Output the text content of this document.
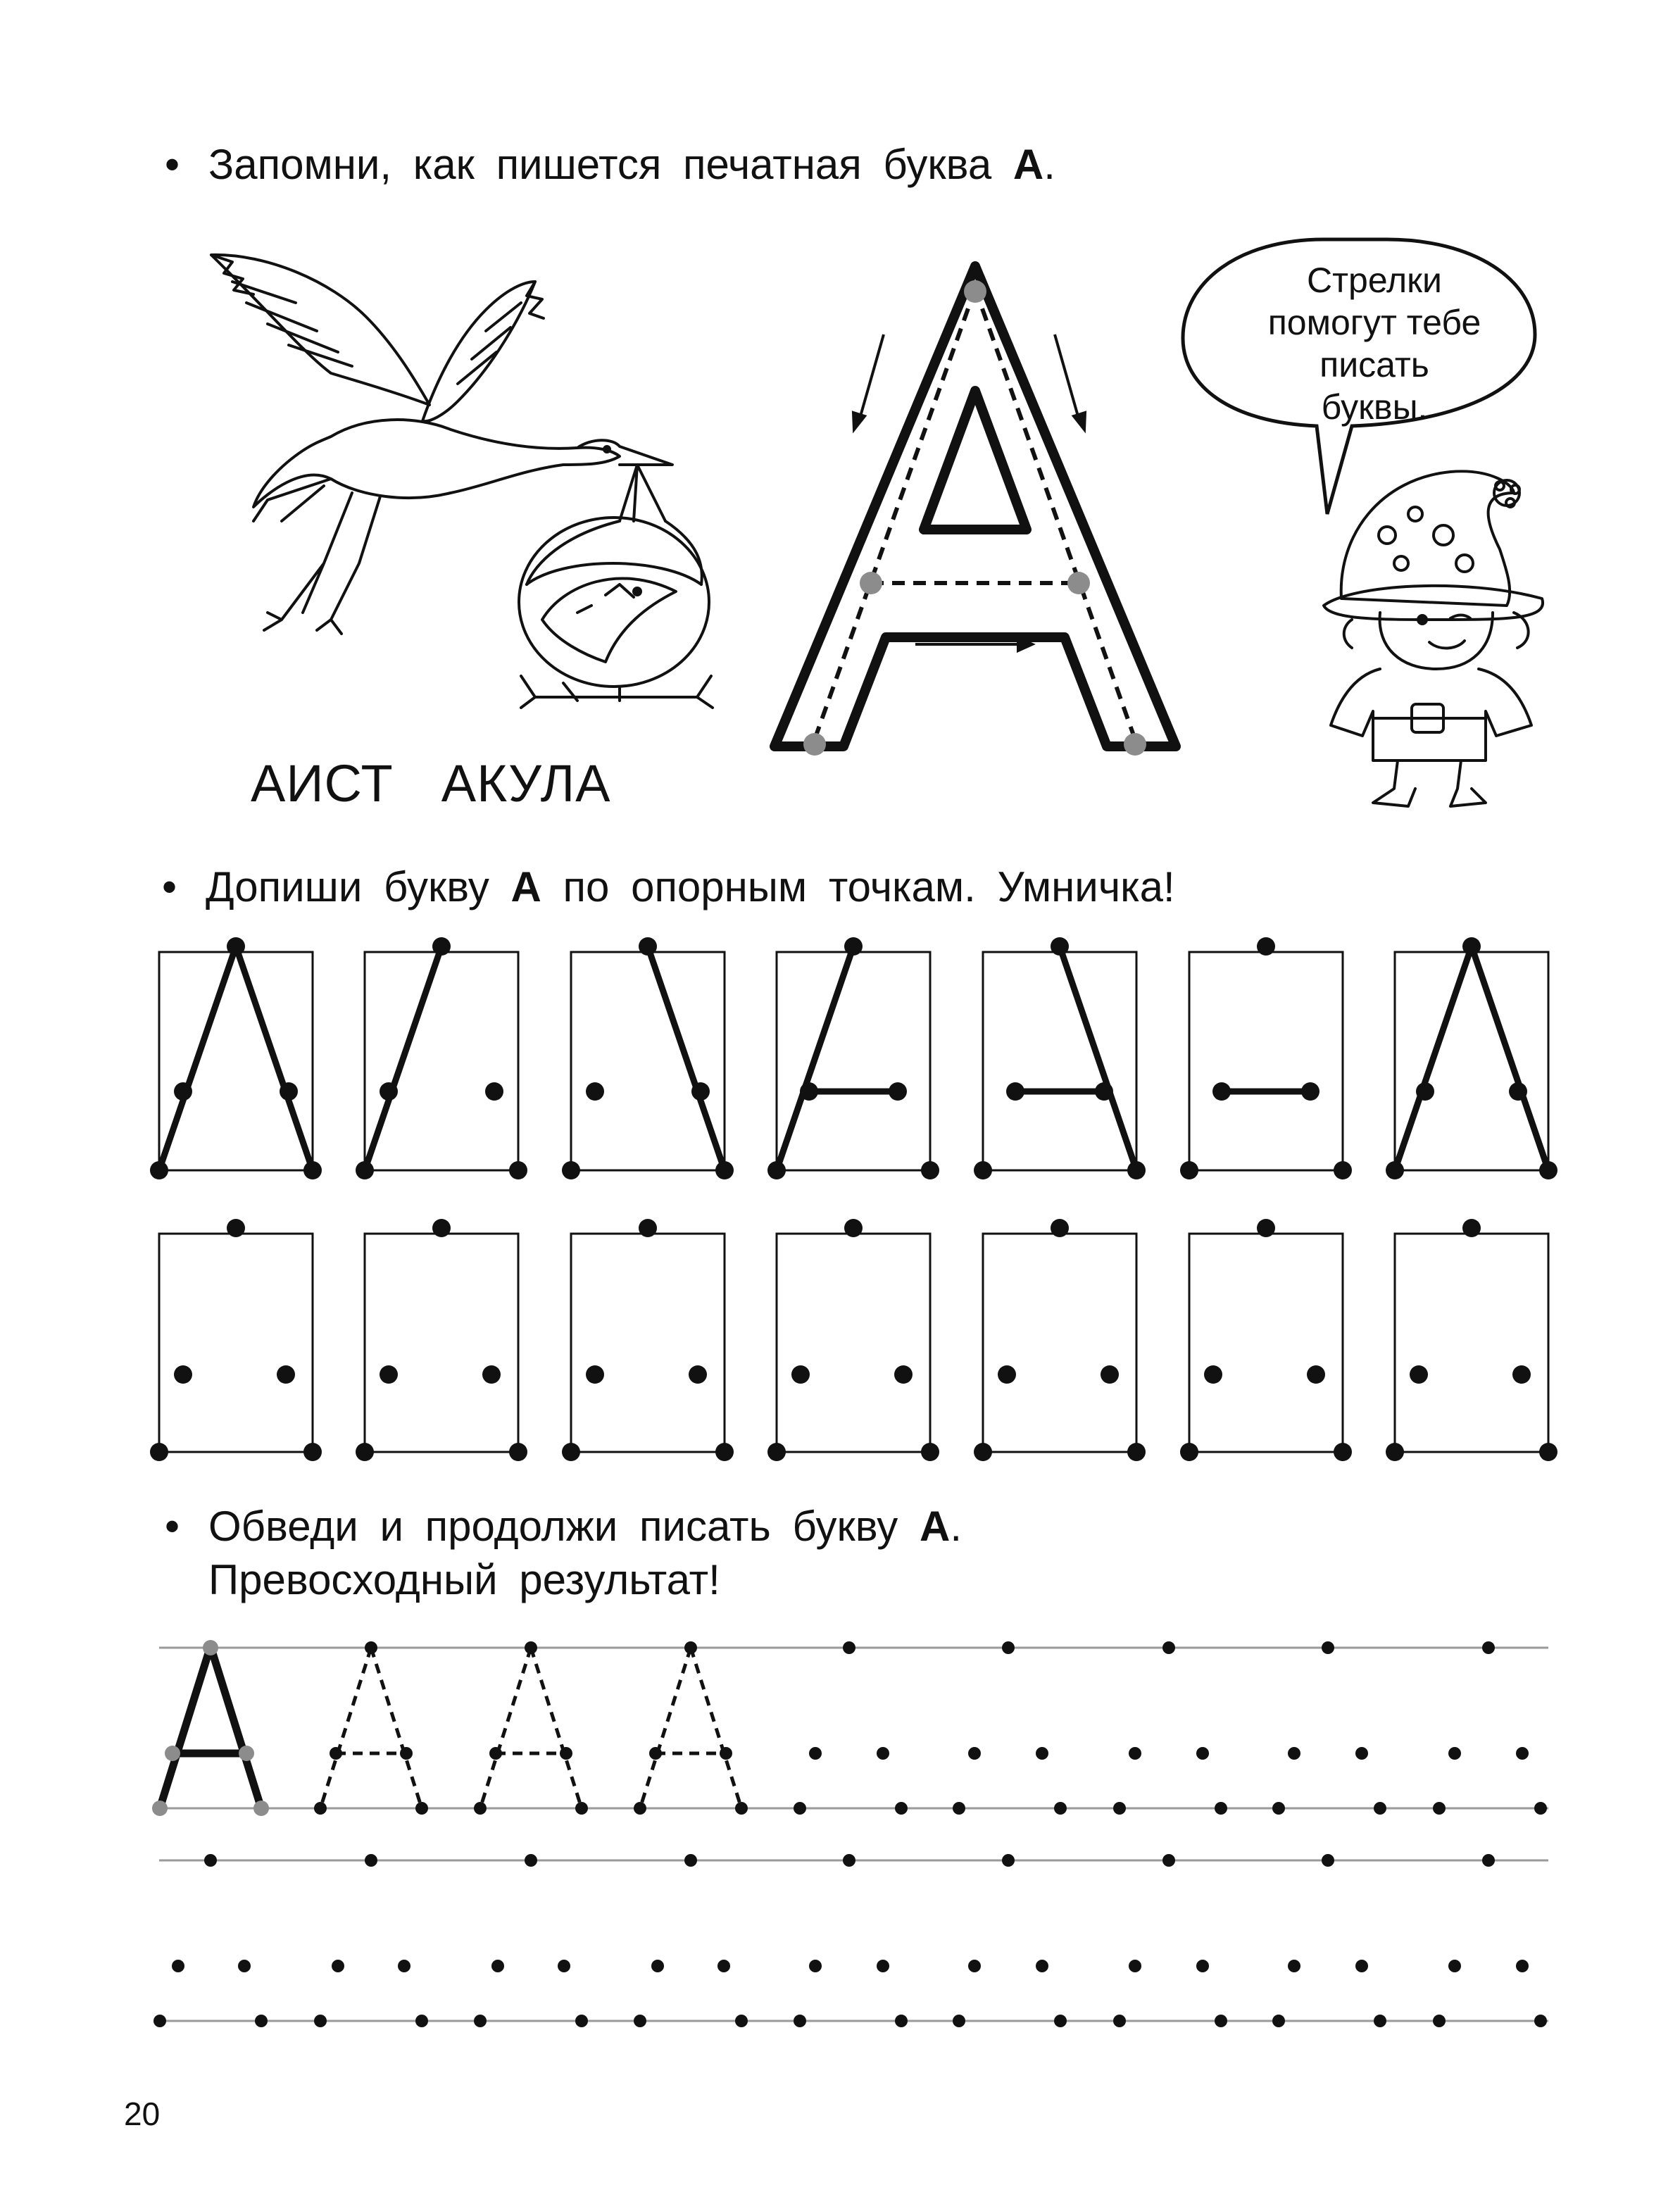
• Запомни, как пишется печатная буква А.
Стрелки
помогут тебе
писать буквы.
АИСТ АКУЛА
• Допиши букву А по опорным точкам. Умничка!
• Обведи и продолжи писать букву А.
Превосходный результат!
20
